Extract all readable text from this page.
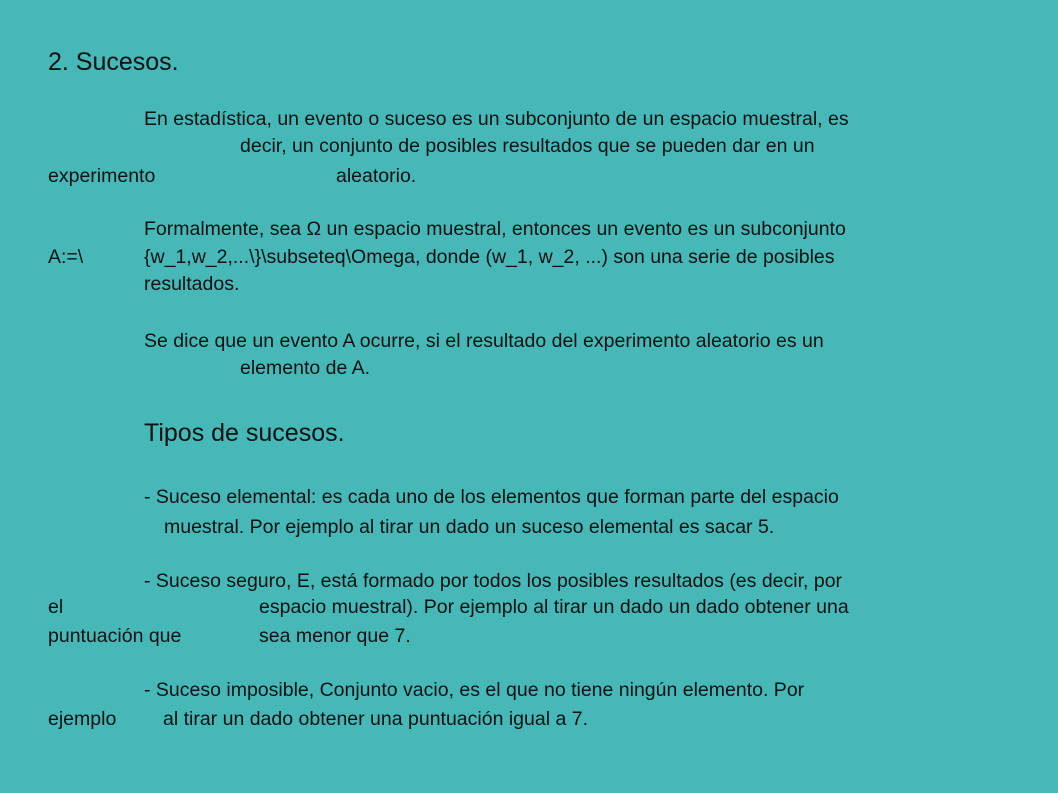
2. Sucesos.
En estadística, un evento o suceso es un subconjunto de un espacio muestral, es
decir, un conjunto de posibles resultados que se pueden dar en un
experimento	aleatorio.
Formalmente, sea Ω un espacio muestral, entonces un evento es un subconjunto
A:=\	{w_1,w_2,...\}\subseteq\Omega, donde (w_1, w_2, ...) son una serie de posibles
resultados.
Se dice que un evento A ocurre, si el resultado del experimento aleatorio es un
elemento de A.
Tipos de sucesos.
- Suceso elemental: es cada uno de los elementos que forman parte del espacio
muestral. Por ejemplo al tirar un dado un suceso elemental es sacar 5.
- Suceso seguro, E, está formado por todos los posibles resultados (es decir, por
el	espacio muestral). Por ejemplo al tirar un dado un dado obtener una
puntuación que	sea menor que 7.
- Suceso imposible, Conjunto vacio, es el que no tiene ningún elemento. Por
ejemplo al tirar un dado obtener una puntuación igual a 7.
